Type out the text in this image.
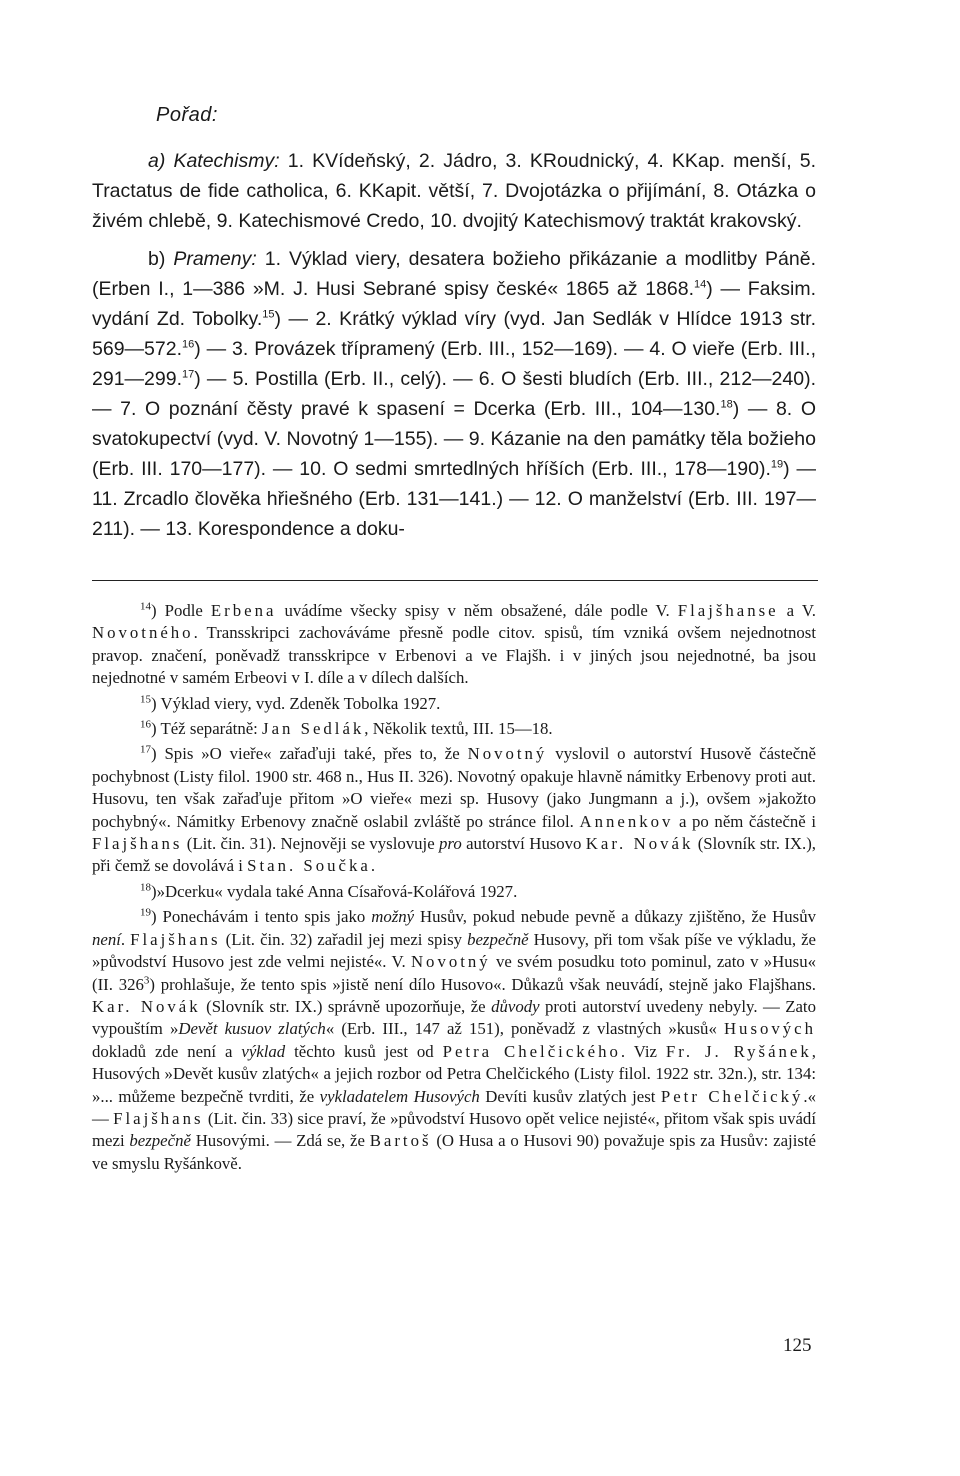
Pořad:

a) Katechismy: 1. KVídeňský, 2. Jádro, 3. KRoudnický, 4. KKap. menší, 5. Tractatus de fide catholica, 6. KKapit. větší, 7. Dvojotázka o přijímání, 8. Otázka o živém chlebě, 9. Katechismové Credo, 10. dvojitý Katechismový traktát krakovský.

b) Prameny: 1. Výklad viery, desatera božieho přikázanie a modlitby Páně. (Erben I., 1—386 »M. J. Husi Sebrané spisy české« 1865 až 1868.14) — Faksim. vydání Zd. Tobolky.$^{15}$) — 2. Krátký výklad víry (vyd. Jan Sedlák v Hlídce 1913 str. 569—572.16) — 3. Provázek třípramený (Erb. III., 152—169). — 4. O vieře (Erb. III., 291—299.17) — 5. Postilla (Erb. II., celý). — 6. O šesti bludích (Erb. III., 212—240). — 7. O poznání čěsty pravé k spasení = Dcerka (Erb. III., 104—130.18) — 8. O svatokupectví (vyd. V. Novotný 1—155). — 9. Kázanie na den památky těla božieho (Erb. III. 170—177). — 10. O sedmi smrtedlných hříších (Erb. III., 178—190).$^{19}$) — 11. Zrcadlo člověka hřiešného (Erb. 131—141.) — 12. O manželství (Erb. III. 197—211). — 13. Korespondence a doku-

$^{14}$) Podle Erbena uvádíme všecky spisy v něm obsažené, dále podle V. Flajšhanse a V. Novotného. Transskripci zachováváme přesně podle citov. spisů, tím vzniká ovšem nejednotnost pravop. značení, poněvadž transskripce v Erbenovi a ve Flajšh. i v jiných jsou nejednotné, ba jsou nejednotné v samém Erbeovi v I. díle a v dílech dalších.

$^{15}$) Výklad viery, vyd. Zdeněk Tobolka 1927.

$^{16}$) Též separátně: Jan Sedlák, Několik textů, III. 15—18.

$^{17}$) Spis »O vieře« zařaďuji také, přes to, že Novotný vyslovil o autorství Husově částečně pochybnost (Listy filol. 1900 str. 468 n., Hus II. 326). Novotný opakuje hlavně námitky Erbenovy proti aut. Husovu, ten však zařaďuje přitom »O vieře« mezi sp. Husovy (jako Jungmann a j.), ovšem »jakožto pochybný«. Námitky Erbenovy značně oslabil zvláště po stránce filol. Annenkov a po něm částečně i Flajšhans (Lit. čin. 31). Nejnověji se vyslovuje pro autorství Husovo Kar. Novák (Slovník str. IX.), při čemž se dovolává i Stan. Součka.

$^{18}$)»Dcerku« vydala také Anna Císařová-Kolářová 1927.

$^{19}$) Ponechávám i tento spis jako možný Husův, pokud nebude pevně a důkazy zjištěno, že Husův není. Flajšhans (Lit. čin. 32) zařadil jej mezi spisy bezpečně Husovy, při tom však píše ve výkladu, že »původství Husovo jest zde velmi nejisté«. V. Novotný ve svém posudku toto pominul, zato v »Husu« (II. $326^3$) prohlašuje, že tento spis »jistě není dílo Husovo«. Důkazů však neuvádí, stejně jako Flajšhans. Kar. Novák (Slovník str. IX.) správně upozorňuje, že důvody proti autorství uvedeny nebyly. — Zato vypouštím »Devět kusuov zlatých« (Erb. III., 147 až 151), poněvadž z vlastných »kusů« Husových dokladů zde není a výklad těchto kusů jest od Petra Chelčického. Viz Fr. J. Ryšánek, Husových »Devět kusův zlatých« a jejich rozbor od Petra Chelčického (Listy filol. 1922 str. 32n.), str. 134: »... můžeme bezpečně tvrditi, že vykladatelem Husových Devíti kusův zlatých jest Petr Chelčický.« — Flajšhans (Lit. čin. 33) sice praví, že »původství Husovo opět velice nejisté«, přitom však spis uvádí mezi bezpečně Husovými. — Zdá se, že Bartoš (O Husa a o Husovi 90) považuje spis za Husův: zajisté ve smyslu Ryšánkově.

125
